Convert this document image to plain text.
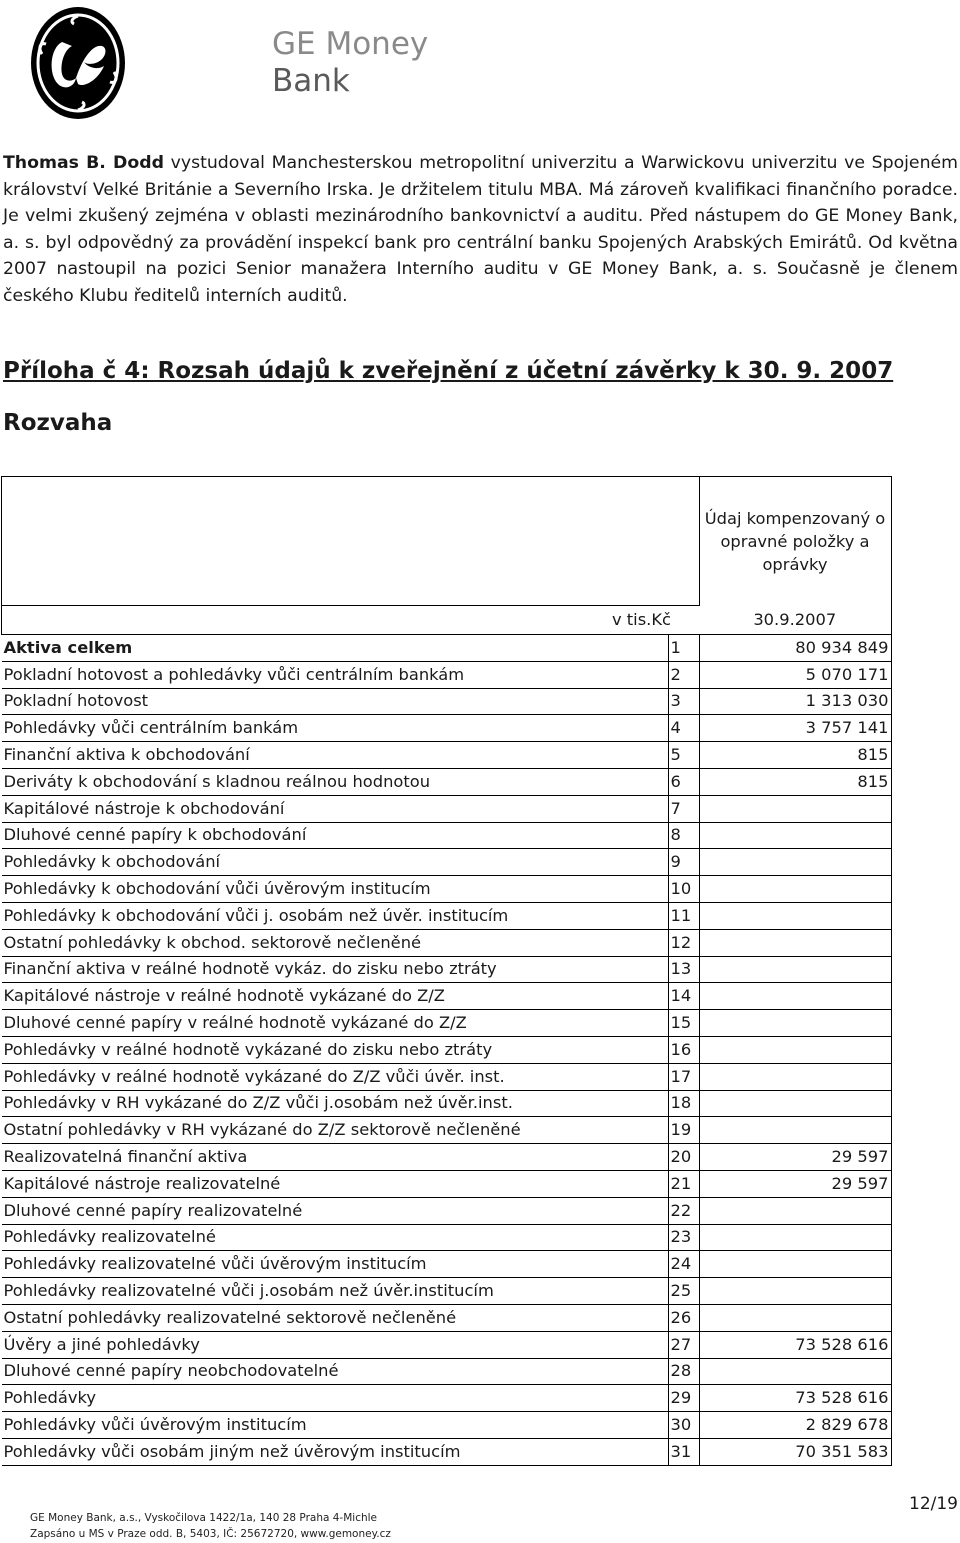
GE Money
Bank

Thomas B. Dodd vystudoval Manchesterskou metropolitní univerzitu a Warwickovu univerzitu ve Spojeném království Velké Británie a Severního Irska. Je držitelem titulu MBA. Má zároveň kvalifikaci finančního poradce. Je velmi zkušený zejména v oblasti mezinárodního bankovnictví a auditu. Před nástupem do GE Money Bank, a. s. byl odpovědný za provádění inspekcí bank pro centrální banku Spojených Arabských Emirátů. Od května 2007 nastoupil na pozici Senior manažera Interního auditu v GE Money Bank, a. s. Současně je členem českého Klubu ředitelů interních auditů.

Příloha č 4: Rozsah údajů k zveřejnění z účetní závěrky k 30. 9. 2007
Rozvaha
		Údaj kompenzovaný o opravné položky a oprávky
v tis.Kč		30.9.2007
Aktiva celkem	1	80 934 849
Pokladní hotovost a pohledávky vůči centrálním bankám	2	5 070 171
Pokladní hotovost	3	1 313 030
Pohledávky vůči centrálním bankám	4	3 757 141
Finanční aktiva k obchodování	5	815
Deriváty k obchodování s kladnou reálnou hodnotou	6	815
Kapitálové nástroje k obchodování	7	
Dluhové cenné papíry k obchodování	8	
Pohledávky k obchodování	9	
Pohledávky k obchodování vůči úvěrovým institucím	10	
Pohledávky k obchodování vůči j. osobám než úvěr. institucím	11	
Ostatní pohledávky k obchod. sektorově nečleněné	12	
Finanční aktiva v reálné hodnotě vykáz. do zisku nebo ztráty	13	
Kapitálové nástroje v reálné hodnotě vykázané do Z/Z	14	
Dluhové cenné papíry v reálné hodnotě vykázané do Z/Z	15	
Pohledávky v reálné hodnotě vykázané do zisku nebo ztráty	16	
Pohledávky v reálné hodnotě vykázané do Z/Z vůči úvěr. inst.	17	
Pohledávky v RH vykázané do Z/Z vůči j.osobám než úvěr.inst.	18	
Ostatní pohledávky v RH vykázané do Z/Z sektorově nečleněné	19	
Realizovatelná finanční aktiva	20	29 597
Kapitálové nástroje realizovatelné	21	29 597
Dluhové cenné papíry realizovatelné	22	
Pohledávky realizovatelné	23	
Pohledávky realizovatelné vůči úvěrovým institucím	24	
Pohledávky realizovatelné vůči j.osobám než úvěr.institucím	25	
Ostatní pohledávky realizovatelné sektorově nečleněné	26	
Úvěry a jiné pohledávky	27	73 528 616
Dluhové cenné papíry neobchodovatelné	28	
Pohledávky	29	73 528 616
Pohledávky vůči úvěrovým institucím	30	2 829 678
Pohledávky vůči osobám jiným než úvěrovým institucím	31	70 351 583
GE Money Bank, a.s., Vyskočilova 1422/1a, 140 28 Praha 4-Michle
Zapsáno u MS v Praze odd. B, 5403, IČ: 25672720, www.gemoney.cz
12/19
